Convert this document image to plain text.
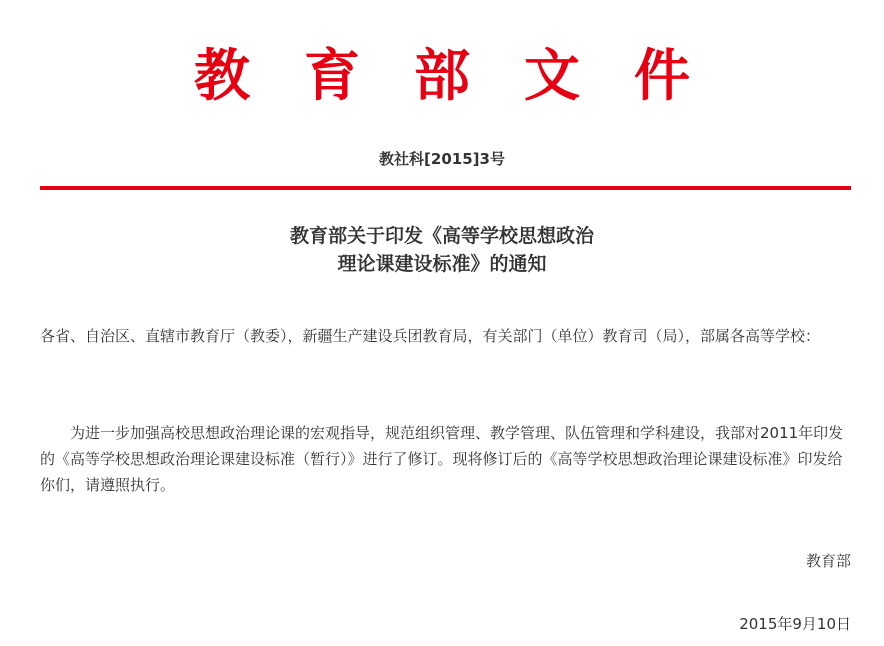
教育部文件
教社科[2015]3号
教育部关于印发《高等学校思想政治
理论课建设标准》的通知

各省、自治区、直辖市教育厅（教委），新疆生产建设兵团教育局，有关部门（单位）教育司（局），部属各高等学校：

为进一步加强高校思想政治理论课的宏观指导，规范组织管理、教学管理、队伍管理和学科建设，我部对2011年印发的《高等学校思想政治理论课建设标准（暂行）》进行了修订。现将修订后的《高等学校思想政治理论课建设标准》印发给你们，请遵照执行。

教育部
2015年9月10日
